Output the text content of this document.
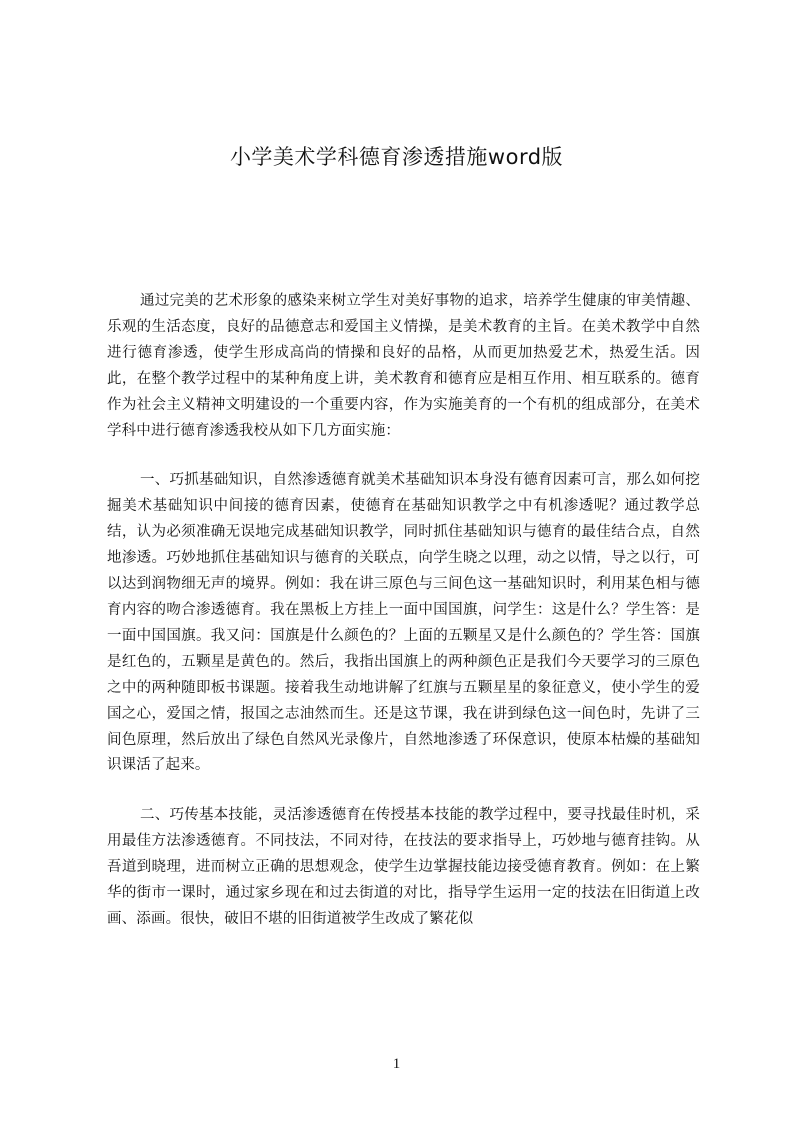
小学美术学科德育渗透措施word版

通过完美的艺术形象的感染来树立学生对美好事物的追求，培养学生健康的审美情趣、乐观的生活态度，良好的品德意志和爱国主义情操，是美术教育的主旨。在美术教学中自然进行德育渗透，使学生形成高尚的情操和良好的品格，从而更加热爱艺术，热爱生活。因此，在整个教学过程中的某种角度上讲，美术教育和德育应是相互作用、相互联系的。德育作为社会主义精神文明建设的一个重要内容，作为实施美育的一个有机的组成部分，在美术学科中进行德育渗透我校从如下几方面实施：

一、巧抓基础知识，自然渗透德育就美术基础知识本身没有德育因素可言，那么如何挖掘美术基础知识中间接的德育因素，使德育在基础知识教学之中有机渗透呢？通过教学总结，认为必须准确无误地完成基础知识教学，同时抓住基础知识与德育的最佳结合点，自然地渗透。巧妙地抓住基础知识与德育的关联点，向学生晓之以理，动之以情，导之以行，可以达到润物细无声的境界。例如：我在讲三原色与三间色这一基础知识时，利用某色相与德育内容的吻合渗透德育。我在黑板上方挂上一面中国国旗，问学生：这是什么？学生答：是一面中国国旗。我又问：国旗是什么颜色的？上面的五颗星又是什么颜色的？学生答：国旗是红色的，五颗星是黄色的。然后，我指出国旗上的两种颜色正是我们今天要学习的三原色之中的两种随即板书课题。接着我生动地讲解了红旗与五颗星星的象征意义，使小学生的爱国之心，爱国之情，报国之志油然而生。还是这节课，我在讲到绿色这一间色时，先讲了三间色原理，然后放出了绿色自然风光录像片，自然地渗透了环保意识，使原本枯燥的基础知识课活了起来。

二、巧传基本技能，灵活渗透德育在传授基本技能的教学过程中，要寻找最佳时机，采用最佳方法渗透德育。不同技法，不同对待，在技法的要求指导上，巧妙地与德育挂钩。从吾道到晓理，进而树立正确的思想观念，使学生边掌握技能边接受德育教育。例如：在上繁华的街市一课时，通过家乡现在和过去街道的对比，指导学生运用一定的技法在旧街道上改画、添画。很快，破旧不堪的旧街道被学生改成了繁花似

1
